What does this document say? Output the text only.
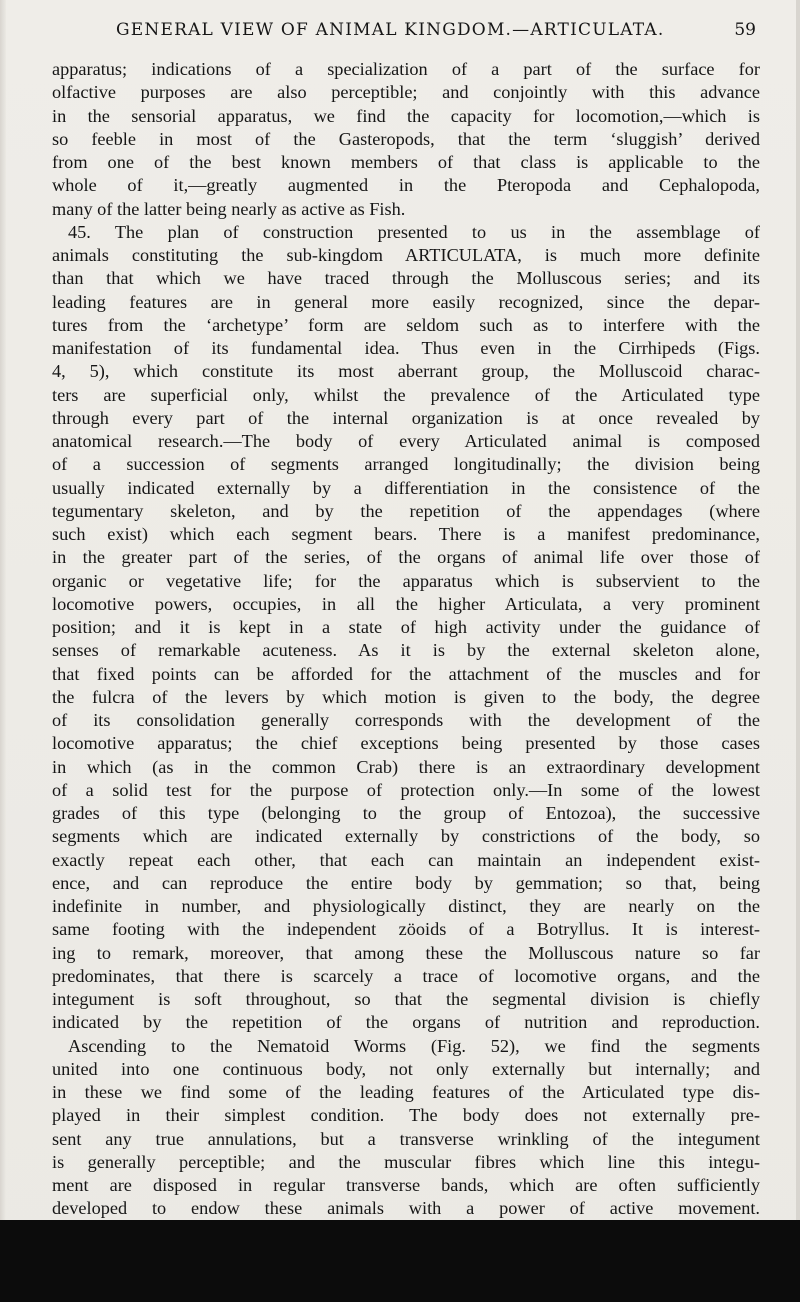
GENERAL VIEW OF ANIMAL KINGDOM.—ARTICULATA.	59
apparatus; indications of a specialization of a part of the surface for
olfactive purposes are also perceptible; and conjointly with this advance
in the sensorial apparatus, we find the capacity for locomotion,—which is
so feeble in most of the Gasteropods, that the term ‘sluggish’ derived
from one of the best known members of that class is applicable to the
whole of it,—greatly augmented in the Pteropoda and Cephalopoda,
many of the latter being nearly as active as Fish.
45. The plan of construction presented to us in the assemblage of
animals constituting the sub-kingdom ARTICULATA, is much more definite
than that which we have traced through the Molluscous series; and its
leading features are in general more easily recognized, since the depar-
tures from the ‘archetype’ form are seldom such as to interfere with the
manifestation of its fundamental idea. Thus even in the Cirrhipeds (Figs.
4, 5), which constitute its most aberrant group, the Molluscoid charac-
ters are superficial only, whilst the prevalence of the Articulated type
through every part of the internal organization is at once revealed by
anatomical research.—The body of every Articulated animal is composed
of a succession of segments arranged longitudinally; the division being
usually indicated externally by a differentiation in the consistence of the
tegumentary skeleton, and by the repetition of the appendages (where
such exist) which each segment bears. There is a manifest predominance,
in the greater part of the series, of the organs of animal life over those of
organic or vegetative life; for the apparatus which is subservient to the
locomotive powers, occupies, in all the higher Articulata, a very prominent
position; and it is kept in a state of high activity under the guidance of
senses of remarkable acuteness. As it is by the external skeleton alone,
that fixed points can be afforded for the attachment of the muscles and for
the fulcra of the levers by which motion is given to the body, the degree
of its consolidation generally corresponds with the development of the
locomotive apparatus; the chief exceptions being presented by those cases
in which (as in the common Crab) there is an extraordinary development
of a solid test for the purpose of protection only.—In some of the lowest
grades of this type (belonging to the group of Entozoa), the successive
segments which are indicated externally by constrictions of the body, so
exactly repeat each other, that each can maintain an independent exist-
ence, and can reproduce the entire body by gemmation; so that, being
indefinite in number, and physiologically distinct, they are nearly on the
same footing with the independent zöoids of a Botryllus. It is interest-
ing to remark, moreover, that among these the Molluscous nature so far
predominates, that there is scarcely a trace of locomotive organs, and the
integument is soft throughout, so that the segmental division is chiefly
indicated by the repetition of the organs of nutrition and reproduction.
Ascending to the Nematoid Worms (Fig. 52), we find the segments
united into one continuous body, not only externally but internally; and
in these we find some of the leading features of the Articulated type dis-
played in their simplest condition. The body does not externally pre-
sent any true annulations, but a transverse wrinkling of the integument
is generally perceptible; and the muscular fibres which line this integu-
ment are disposed in regular transverse bands, which are often sufficiently
developed to endow these animals with a power of active movement.
